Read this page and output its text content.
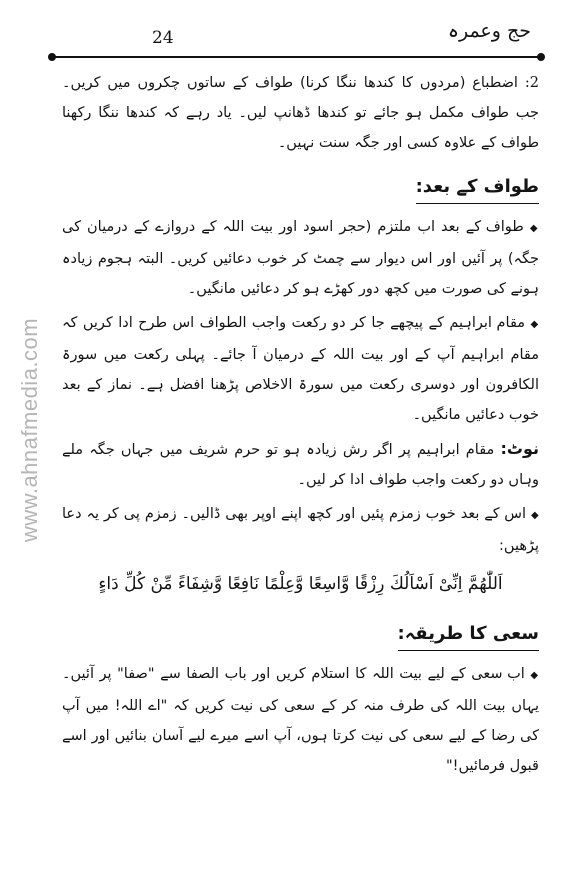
24	حج وعمرہ
www.ahnafmedia.com

2: اضطباع (مردوں کا کندھا ننگا کرنا) طواف کے ساتوں چکروں میں کریں۔ جب طواف مکمل ہو جائے تو کندھا ڈھانپ لیں۔ یاد رہے کہ کندھا ننگا رکھنا طواف کے علاوہ کسی اور جگہ سنت نہیں۔

طواف کے بعد:

◆ طواف کے بعد اب ملتزم (حجر اسود اور بیت اللہ کے دروازے کے درمیان کی جگہ) پر آئیں اور اس دیوار سے چمٹ کر خوب دعائیں کریں۔ البتہ ہجوم زیادہ ہونے کی صورت میں کچھ دور کھڑے ہو کر دعائیں مانگیں۔

◆ مقام ابراہیم کے پیچھے جا کر دو رکعت واجب الطواف اس طرح ادا کریں کہ مقام ابراہیم آپ کے اور بیت اللہ کے درمیان آ جائے۔ پہلی رکعت میں سورۃ الکافرون اور دوسری رکعت میں سورۃ الاخلاص پڑھنا افضل ہے۔ نماز کے بعد خوب دعائیں مانگیں۔

نوٹ: مقام ابراہیم پر اگر رش زیادہ ہو تو حرم شریف میں جہاں جگہ ملے وہاں دو رکعت واجب طواف ادا کر لیں۔

◆ اس کے بعد خوب زمزم پئیں اور کچھ اپنے اوپر بھی ڈالیں۔ زمزم پی کر یہ دعا پڑھیں:

اَللّٰهُمَّ اِنِّیْ اَسْاَلُكَ رِزْقًا وَّاسِعًا وَّعِلْمًا نَافِعًا وَّشِفَاءً مِّنْ كُلِّ دَاءٍ
سعی کا طریقہ:

◆ اب سعی کے لیے بیت اللہ کا استلام کریں اور باب الصفا سے "صفا" پر آئیں۔ یہاں بیت اللہ کی طرف منہ کر کے سعی کی نیت کریں کہ "اے اللہ! میں آپ کی رضا کے لیے سعی کی نیت کرتا ہوں، آپ اسے میرے لیے آسان بنائیں اور اسے قبول فرمائیں!"
